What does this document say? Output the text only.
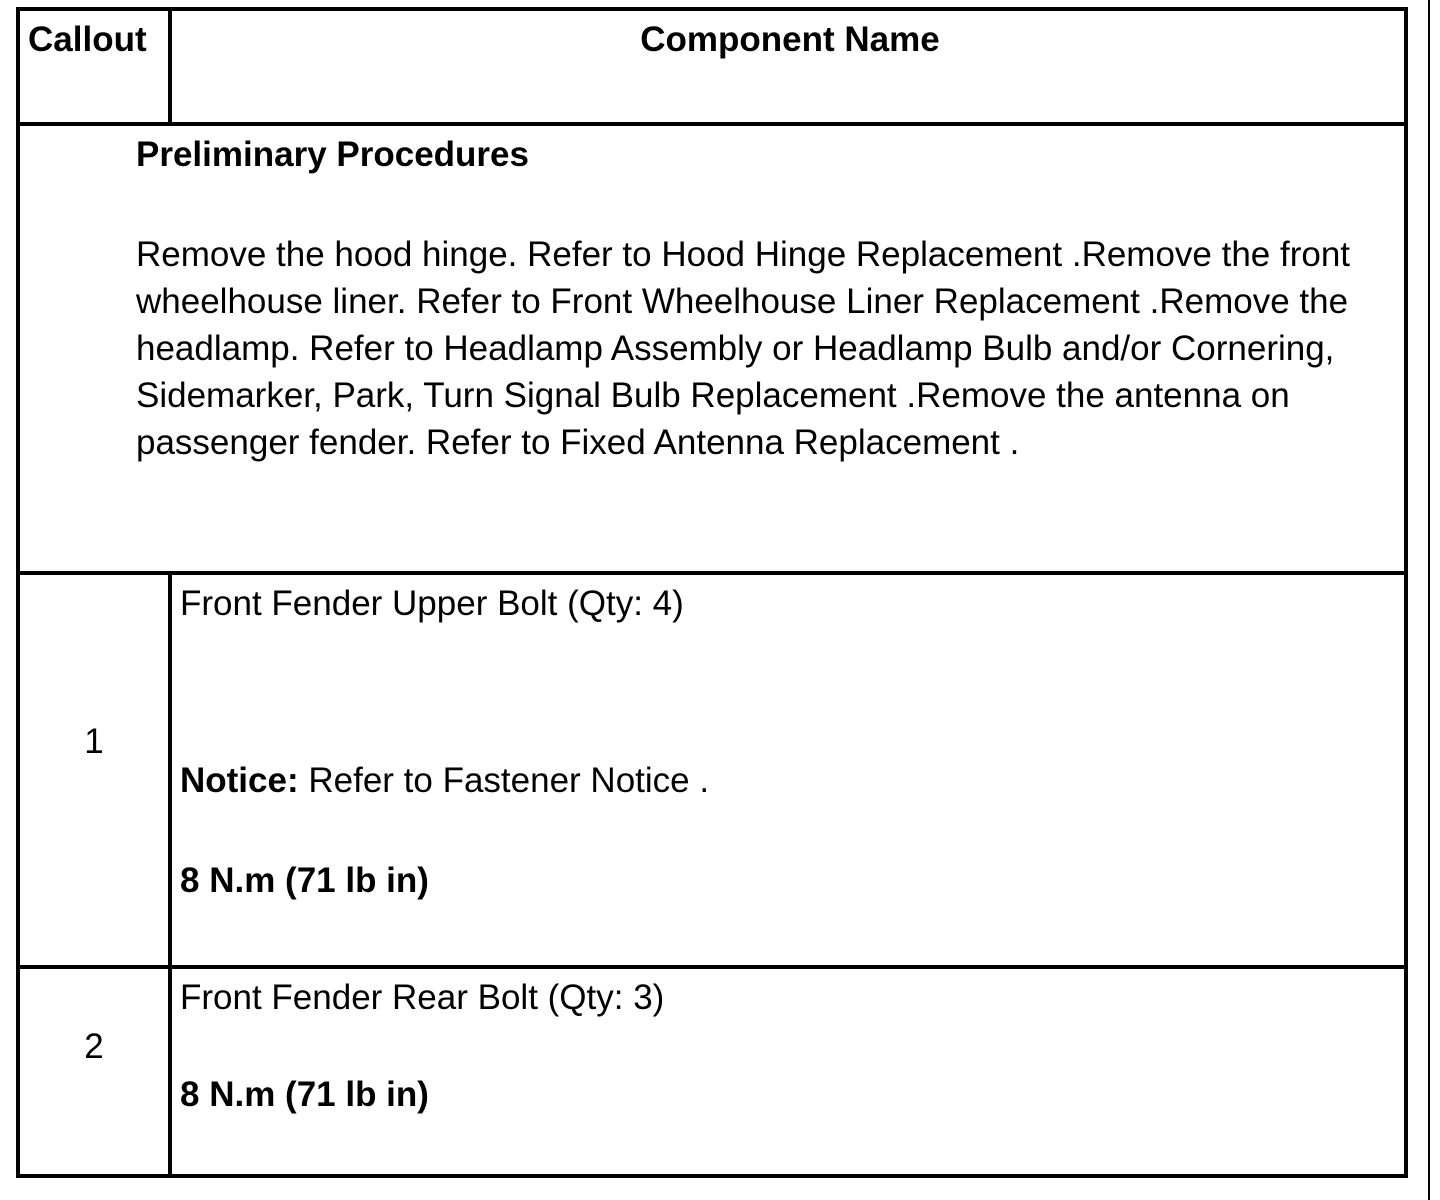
Callout	Component Name
Preliminary Procedures
Remove the hood hinge. Refer to Hood Hinge Replacement .Remove the front wheelhouse liner. Refer to Front Wheelhouse Liner Replacement .Remove the headlamp. Refer to Headlamp Assembly or Headlamp Bulb and/or Cornering, Sidemarker, Park, Turn Signal Bulb Replacement .Remove the antenna on passenger fender. Refer to Fixed Antenna Replacement .
1
Front Fender Upper Bolt (Qty: 4)
Notice: Refer to Fastener Notice .
8 N.m (71 lb in)
2
Front Fender Rear Bolt (Qty: 3)
8 N.m (71 lb in)
